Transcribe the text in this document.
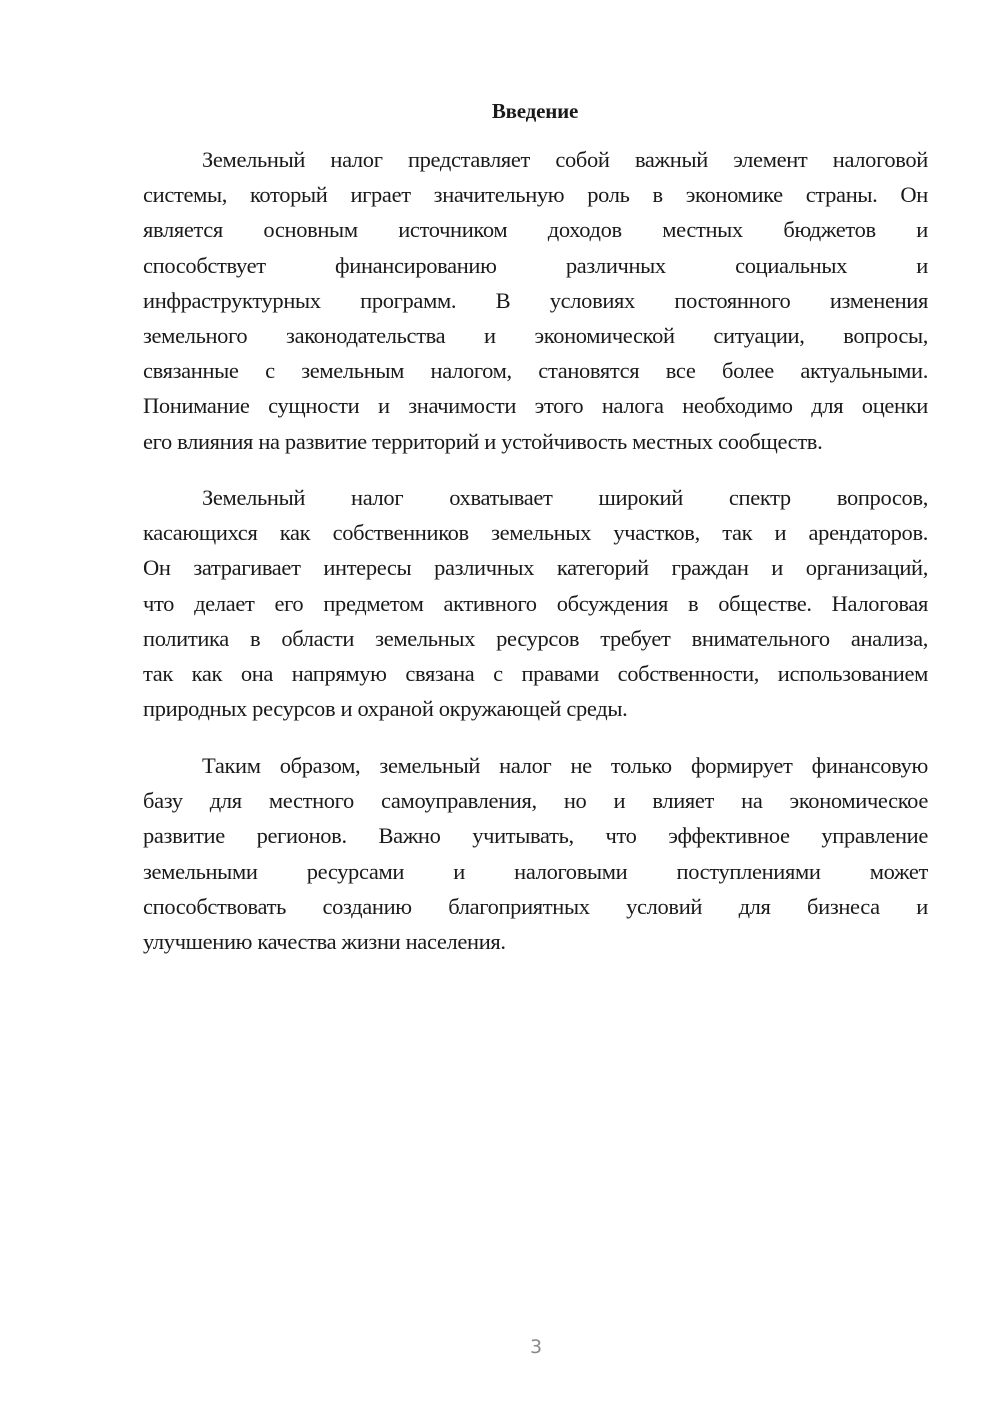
Введение
Земельный налог представляет собой важный элемент налоговой
системы, который играет значительную роль в экономике страны. Он
является основным источником доходов местных бюджетов и
способствует финансированию различных социальных и
инфраструктурных программ. В условиях постоянного изменения
земельного законодательства и экономической ситуации, вопросы,
связанные с земельным налогом, становятся все более актуальными.
Понимание сущности и значимости этого налога необходимо для оценки
его влияния на развитие территорий и устойчивость местных сообществ.
Земельный налог охватывает широкий спектр вопросов,
касающихся как собственников земельных участков, так и арендаторов.
Он затрагивает интересы различных категорий граждан и организаций,
что делает его предметом активного обсуждения в обществе. Налоговая
политика в области земельных ресурсов требует внимательного анализа,
так как она напрямую связана с правами собственности, использованием
природных ресурсов и охраной окружающей среды.
Таким образом, земельный налог не только формирует финансовую
базу для местного самоуправления, но и влияет на экономическое
развитие регионов. Важно учитывать, что эффективное управление
земельными ресурсами и налоговыми поступлениями может
способствовать созданию благоприятных условий для бизнеса и
улучшению качества жизни населения.
3
